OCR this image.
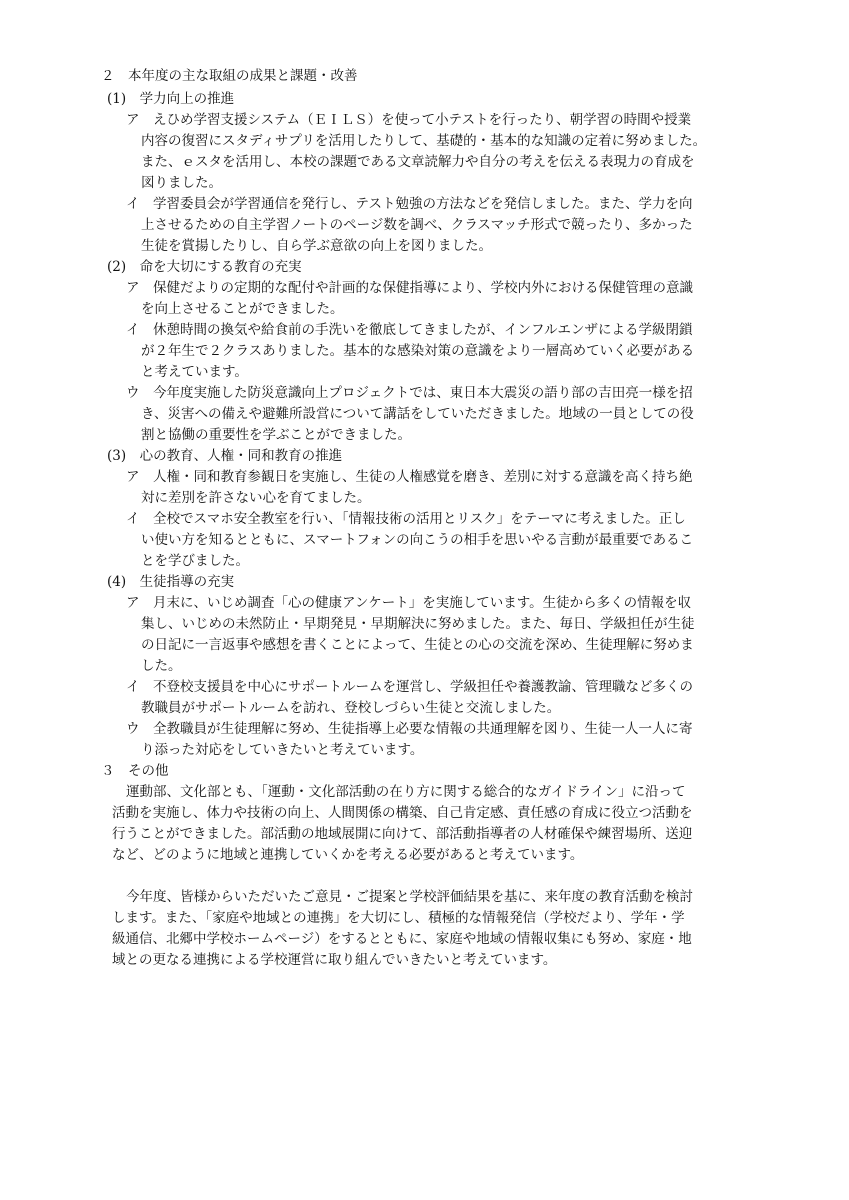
２　本年度の主な取組の成果と課題・改善
(1)　学力向上の推進
ア　えひめ学習支援システム（ＥＩＬＳ）を使って小テストを行ったり、朝学習の時間や授業
内容の復習にスタディサプリを活用したりして、基礎的・基本的な知識の定着に努めました。
また、ｅスタを活用し、本校の課題である文章読解力や自分の考えを伝える表現力の育成を
図りました。
イ　学習委員会が学習通信を発行し、テスト勉強の方法などを発信しました。また、学力を向
上させるための自主学習ノートのページ数を調べ、クラスマッチ形式で競ったり、多かった
生徒を賞揚したりし、自ら学ぶ意欲の向上を図りました。
(2)　命を大切にする教育の充実
ア　保健だよりの定期的な配付や計画的な保健指導により、学校内外における保健管理の意識
を向上させることができました。
イ　休憩時間の換気や給食前の手洗いを徹底してきましたが、インフルエンザによる学級閉鎖
が２年生で２クラスありました。基本的な感染対策の意識をより一層高めていく必要がある
と考えています。
ウ　今年度実施した防災意識向上プロジェクトでは、東日本大震災の語り部の吉田亮一様を招
き、災害への備えや避難所設営について講話をしていただきました。地域の一員としての役
割と協働の重要性を学ぶことができました。
(3)　心の教育、人権・同和教育の推進
ア　人権・同和教育参観日を実施し、生徒の人権感覚を磨き、差別に対する意識を高く持ち絶
対に差別を許さない心を育てました。
イ　全校でスマホ安全教室を行い、「情報技術の活用とリスク」をテーマに考えました。正し
い使い方を知るとともに、スマートフォンの向こうの相手を思いやる言動が最重要であるこ
とを学びました。
(4)　生徒指導の充実
ア　月末に、いじめ調査「心の健康アンケート」を実施しています。生徒から多くの情報を収
集し、いじめの未然防止・早期発見・早期解決に努めました。また、毎日、学級担任が生徒
の日記に一言返事や感想を書くことによって、生徒との心の交流を深め、生徒理解に努めま
した。
イ　不登校支援員を中心にサポートルームを運営し、学級担任や養護教諭、管理職など多くの
教職員がサポートルームを訪れ、登校しづらい生徒と交流しました。
ウ　全教職員が生徒理解に努め、生徒指導上必要な情報の共通理解を図り、生徒一人一人に寄
り添った対応をしていきたいと考えています。
３　その他
運動部、文化部とも、「運動・文化部活動の在り方に関する総合的なガイドライン」に沿って
活動を実施し、体力や技術の向上、人間関係の構築、自己肯定感、責任感の育成に役立つ活動を
行うことができました。部活動の地域展開に向けて、部活動指導者の人材確保や練習場所、送迎
など、どのように地域と連携していくかを考える必要があると考えています。
今年度、皆様からいただいたご意見・ご提案と学校評価結果を基に、来年度の教育活動を検討
します。また、「家庭や地域との連携」を大切にし、積極的な情報発信（学校だより、学年・学
級通信、北郷中学校ホームページ）をするとともに、家庭や地域の情報収集にも努め、家庭・地
域との更なる連携による学校運営に取り組んでいきたいと考えています。
